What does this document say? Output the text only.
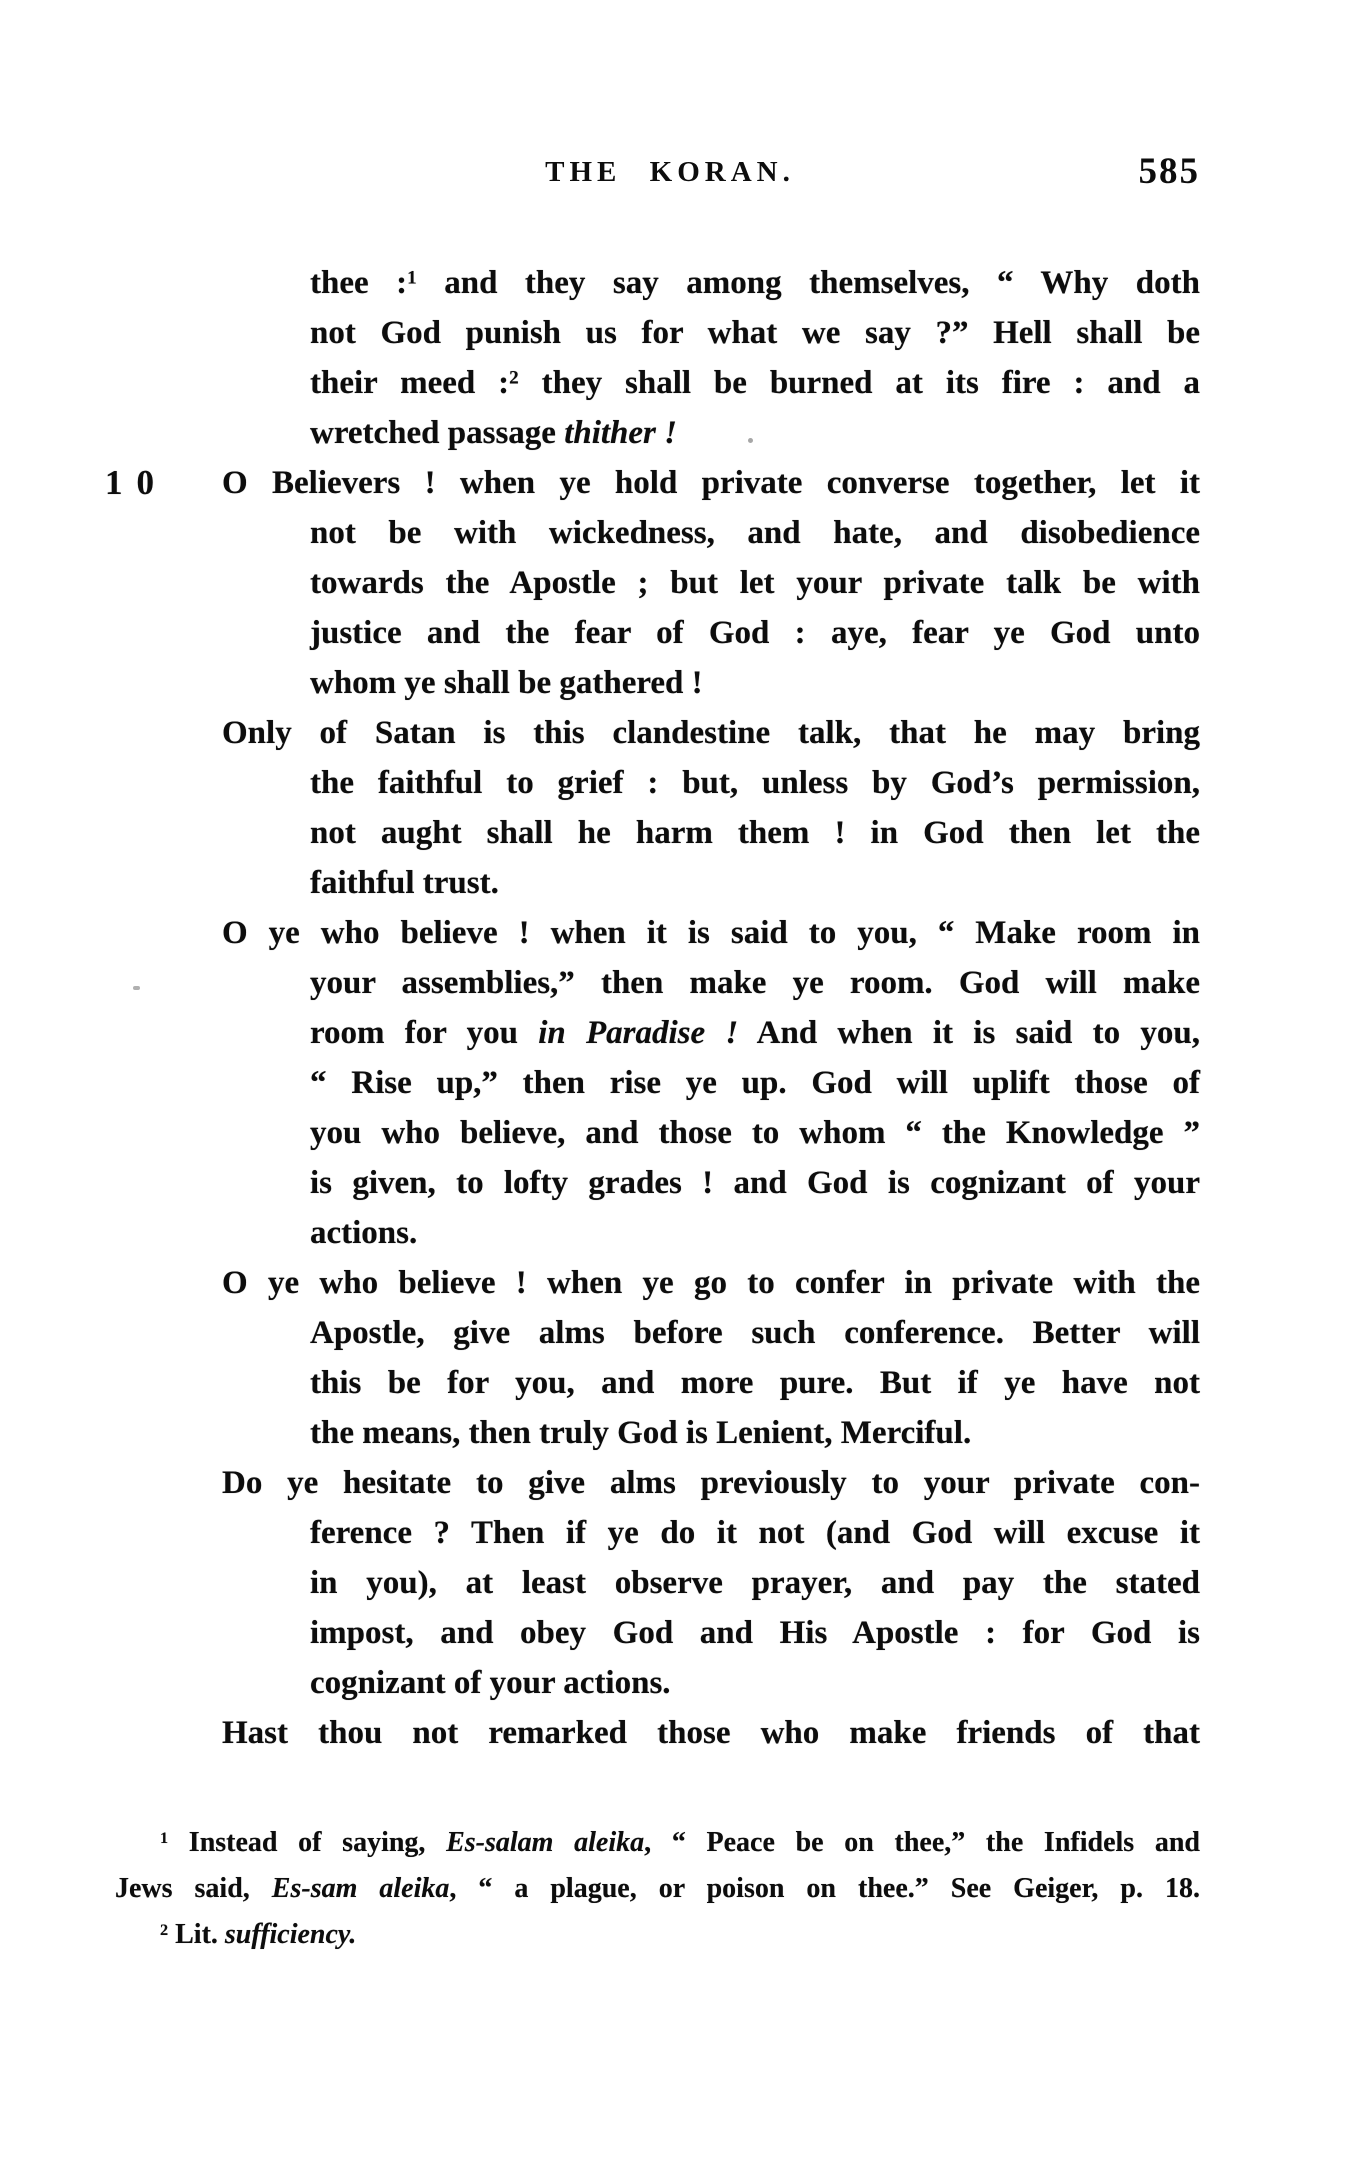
THE KORAN.	585
thee :$^1$ and they say among themselves, “ Why doth
not God punish us for what we say ?” Hell shall be
their meed :$^2$ they shall be burned at its fire : and a
wretched passage thither !
10 O Believers ! when ye hold private converse together, let it
not be with wickedness, and hate, and disobedience
towards the Apostle ; but let your private talk be with
justice and the fear of God : aye, fear ye God unto
whom ye shall be gathered !
Only of Satan is this clandestine talk, that he may bring
the faithful to grief : but, unless by God’s permission,
not aught shall he harm them ! in God then let the
faithful trust.
O ye who believe ! when it is said to you, “ Make room in
your assemblies,” then make ye room. God will make
room for you in Paradise ! And when it is said to you,
“ Rise up,” then rise ye up. God will uplift those of
you who believe, and those to whom “ the Knowledge ”
is given, to lofty grades ! and God is cognizant of your
actions.
O ye who believe ! when ye go to confer in private with the
Apostle, give alms before such conference. Better will
this be for you, and more pure. But if ye have not
the means, then truly God is Lenient, Merciful.
Do ye hesitate to give alms previously to your private con-
ference ? Then if ye do it not (and God will excuse it
in you), at least observe prayer, and pay the stated
impost, and obey God and His Apostle : for God is
cognizant of your actions.
Hast thou not remarked those who make friends of that
$^1$ Instead of saying, Es-salam aleika, “ Peace be on thee,” the Infidels and
Jews said, Es-sam aleika, “ a plague, or poison on thee.” See Geiger, p. 18.
$^2$ Lit. sufficiency.
